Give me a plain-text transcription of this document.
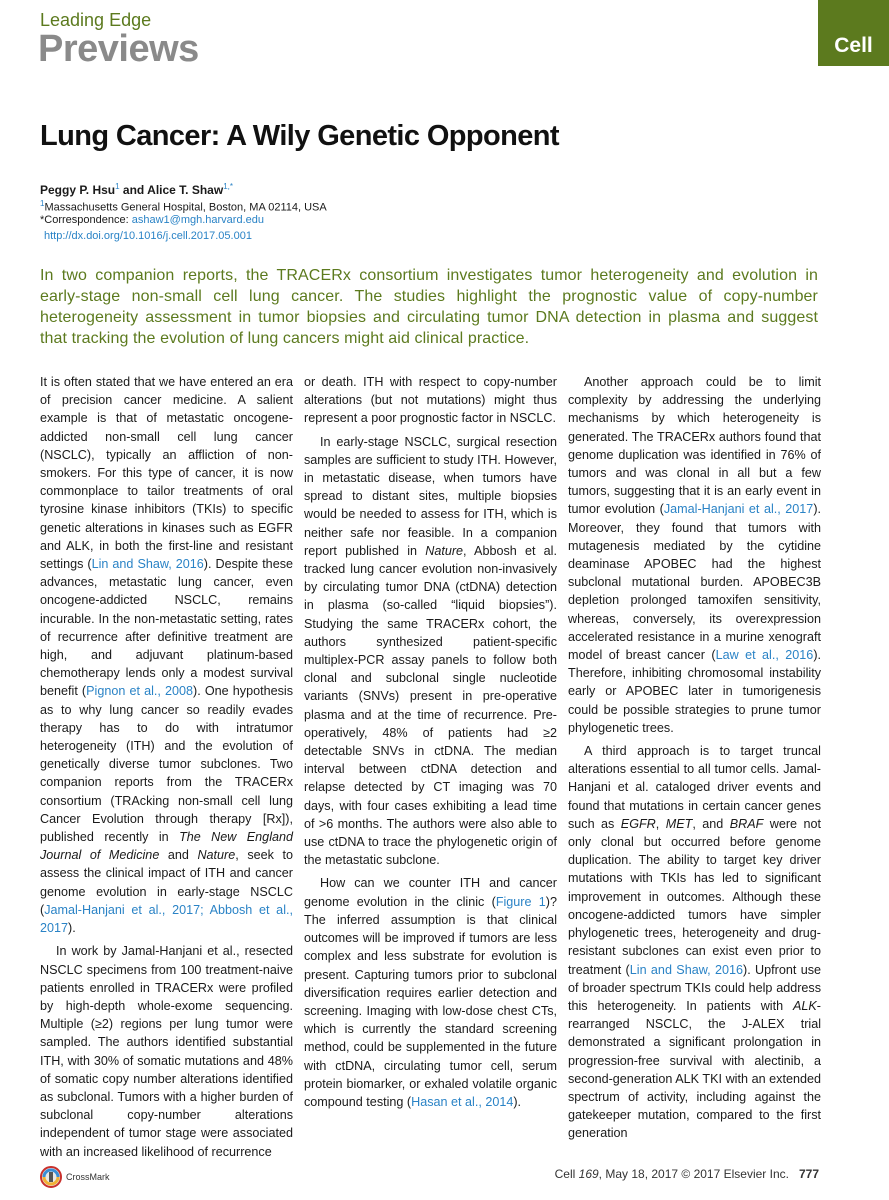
Leading Edge
Previews	Cell
Lung Cancer: A Wily Genetic Opponent
Peggy P. Hsu$^1$ and Alice T. Shaw$^{1,*}$
$^1$Massachusetts General Hospital, Boston, MA 02114, USA
*Correspondence: ashaw1@mgh.harvard.edu
http://dx.doi.org/10.1016/j.cell.2017.05.001
In two companion reports, the TRACERx consortium investigates tumor heterogeneity and evolution in early-stage non-small cell lung cancer. The studies highlight the prognostic value of copy-number heterogeneity assessment in tumor biopsies and circulating tumor DNA detection in plasma and suggest that tracking the evolution of lung cancers might aid clinical practice.

It is often stated that we have entered an era of precision cancer medicine. A salient example is that of metastatic oncogene-addicted non-small cell lung cancer (NSCLC), typically an affliction of non-smokers. For this type of cancer, it is now commonplace to tailor treatments of oral tyrosine kinase inhibitors (TKIs) to specific genetic alterations in kinases such as EGFR and ALK, in both the first-line and resistant settings (Lin and Shaw, 2016). Despite these advances, metastatic lung cancer, even oncogene-addicted NSCLC, remains incurable. In the non-metastatic setting, rates of recurrence after definitive treatment are high, and adjuvant platinum-based chemotherapy lends only a modest survival benefit (Pignon et al., 2008). One hypothesis as to why lung cancer so readily evades therapy has to do with intratumor heterogeneity (ITH) and the evolution of genetically diverse tumor subclones. Two companion reports from the TRACERx consortium (TRAcking non-small cell lung Cancer Evolution through therapy [Rx]), published recently in The New England Journal of Medicine and Nature, seek to assess the clinical impact of ITH and cancer genome evolution in early-stage NSCLC (Jamal-Hanjani et al., 2017; Abbosh et al., 2017).

In work by Jamal-Hanjani et al., resected NSCLC specimens from 100 treatment-naive patients enrolled in TRACERx were profiled by high-depth whole-exome sequencing. Multiple (≥2) regions per lung tumor were sampled. The authors identified substantial ITH, with 30% of somatic mutations and 48% of somatic copy number alterations identified as subclonal. Tumors with a higher burden of subclonal copy-number alterations independent of tumor stage were associated with an increased likelihood of recurrence

or death. ITH with respect to copy-number alterations (but not mutations) might thus represent a poor prognostic factor in NSCLC.

In early-stage NSCLC, surgical resection samples are sufficient to study ITH. However, in metastatic disease, when tumors have spread to distant sites, multiple biopsies would be needed to assess for ITH, which is neither safe nor feasible. In a companion report published in Nature, Abbosh et al. tracked lung cancer evolution non-invasively by circulating tumor DNA (ctDNA) detection in plasma (so-called “liquid biopsies”). Studying the same TRACERx cohort, the authors synthesized patient-specific multiplex-PCR assay panels to follow both clonal and subclonal single nucleotide variants (SNVs) present in pre-operative plasma and at the time of recurrence. Pre-operatively, 48% of patients had ≥2 detectable SNVs in ctDNA. The median interval between ctDNA detection and relapse detected by CT imaging was 70 days, with four cases exhibiting a lead time of >6 months. The authors were also able to use ctDNA to trace the phylogenetic origin of the metastatic subclone.

How can we counter ITH and cancer genome evolution in the clinic (Figure 1)? The inferred assumption is that clinical outcomes will be improved if tumors are less complex and less substrate for evolution is present. Capturing tumors prior to subclonal diversification requires earlier detection and screening. Imaging with low-dose chest CTs, which is currently the standard screening method, could be supplemented in the future with ctDNA, circulating tumor cell, serum protein biomarker, or exhaled volatile organic compound testing (Hasan et al., 2014).

Another approach could be to limit complexity by addressing the underlying mechanisms by which heterogeneity is generated. The TRACERx authors found that genome duplication was identified in 76% of tumors and was clonal in all but a few tumors, suggesting that it is an early event in tumor evolution (Jamal-Hanjani et al., 2017). Moreover, they found that tumors with mutagenesis mediated by the cytidine deaminase APOBEC had the highest subclonal mutational burden. APOBEC3B depletion prolonged tamoxifen sensitivity, whereas, conversely, its overexpression accelerated resistance in a murine xenograft model of breast cancer (Law et al., 2016). Therefore, inhibiting chromosomal instability early or APOBEC later in tumorigenesis could be possible strategies to prune tumor phylogenetic trees.

A third approach is to target truncal alterations essential to all tumor cells. Jamal-Hanjani et al. cataloged driver events and found that mutations in certain cancer genes such as EGFR, MET, and BRAF were not only clonal but occurred before genome duplication. The ability to target key driver mutations with TKIs has led to significant improvement in outcomes. Although these oncogene-addicted tumors have simpler phylogenetic trees, heterogeneity and drug-resistant subclones can exist even prior to treatment (Lin and Shaw, 2016). Upfront use of broader spectrum TKIs could help address this heterogeneity. In patients with ALK-rearranged NSCLC, the J-ALEX trial demonstrated a significant prolongation in progression-free survival with alectinib, a second-generation ALK TKI with an extended spectrum of activity, including against the gatekeeper mutation, compared to the first generation

CrossMark	Cell 169, May 18, 2017 © 2017 Elsevier Inc. 777
